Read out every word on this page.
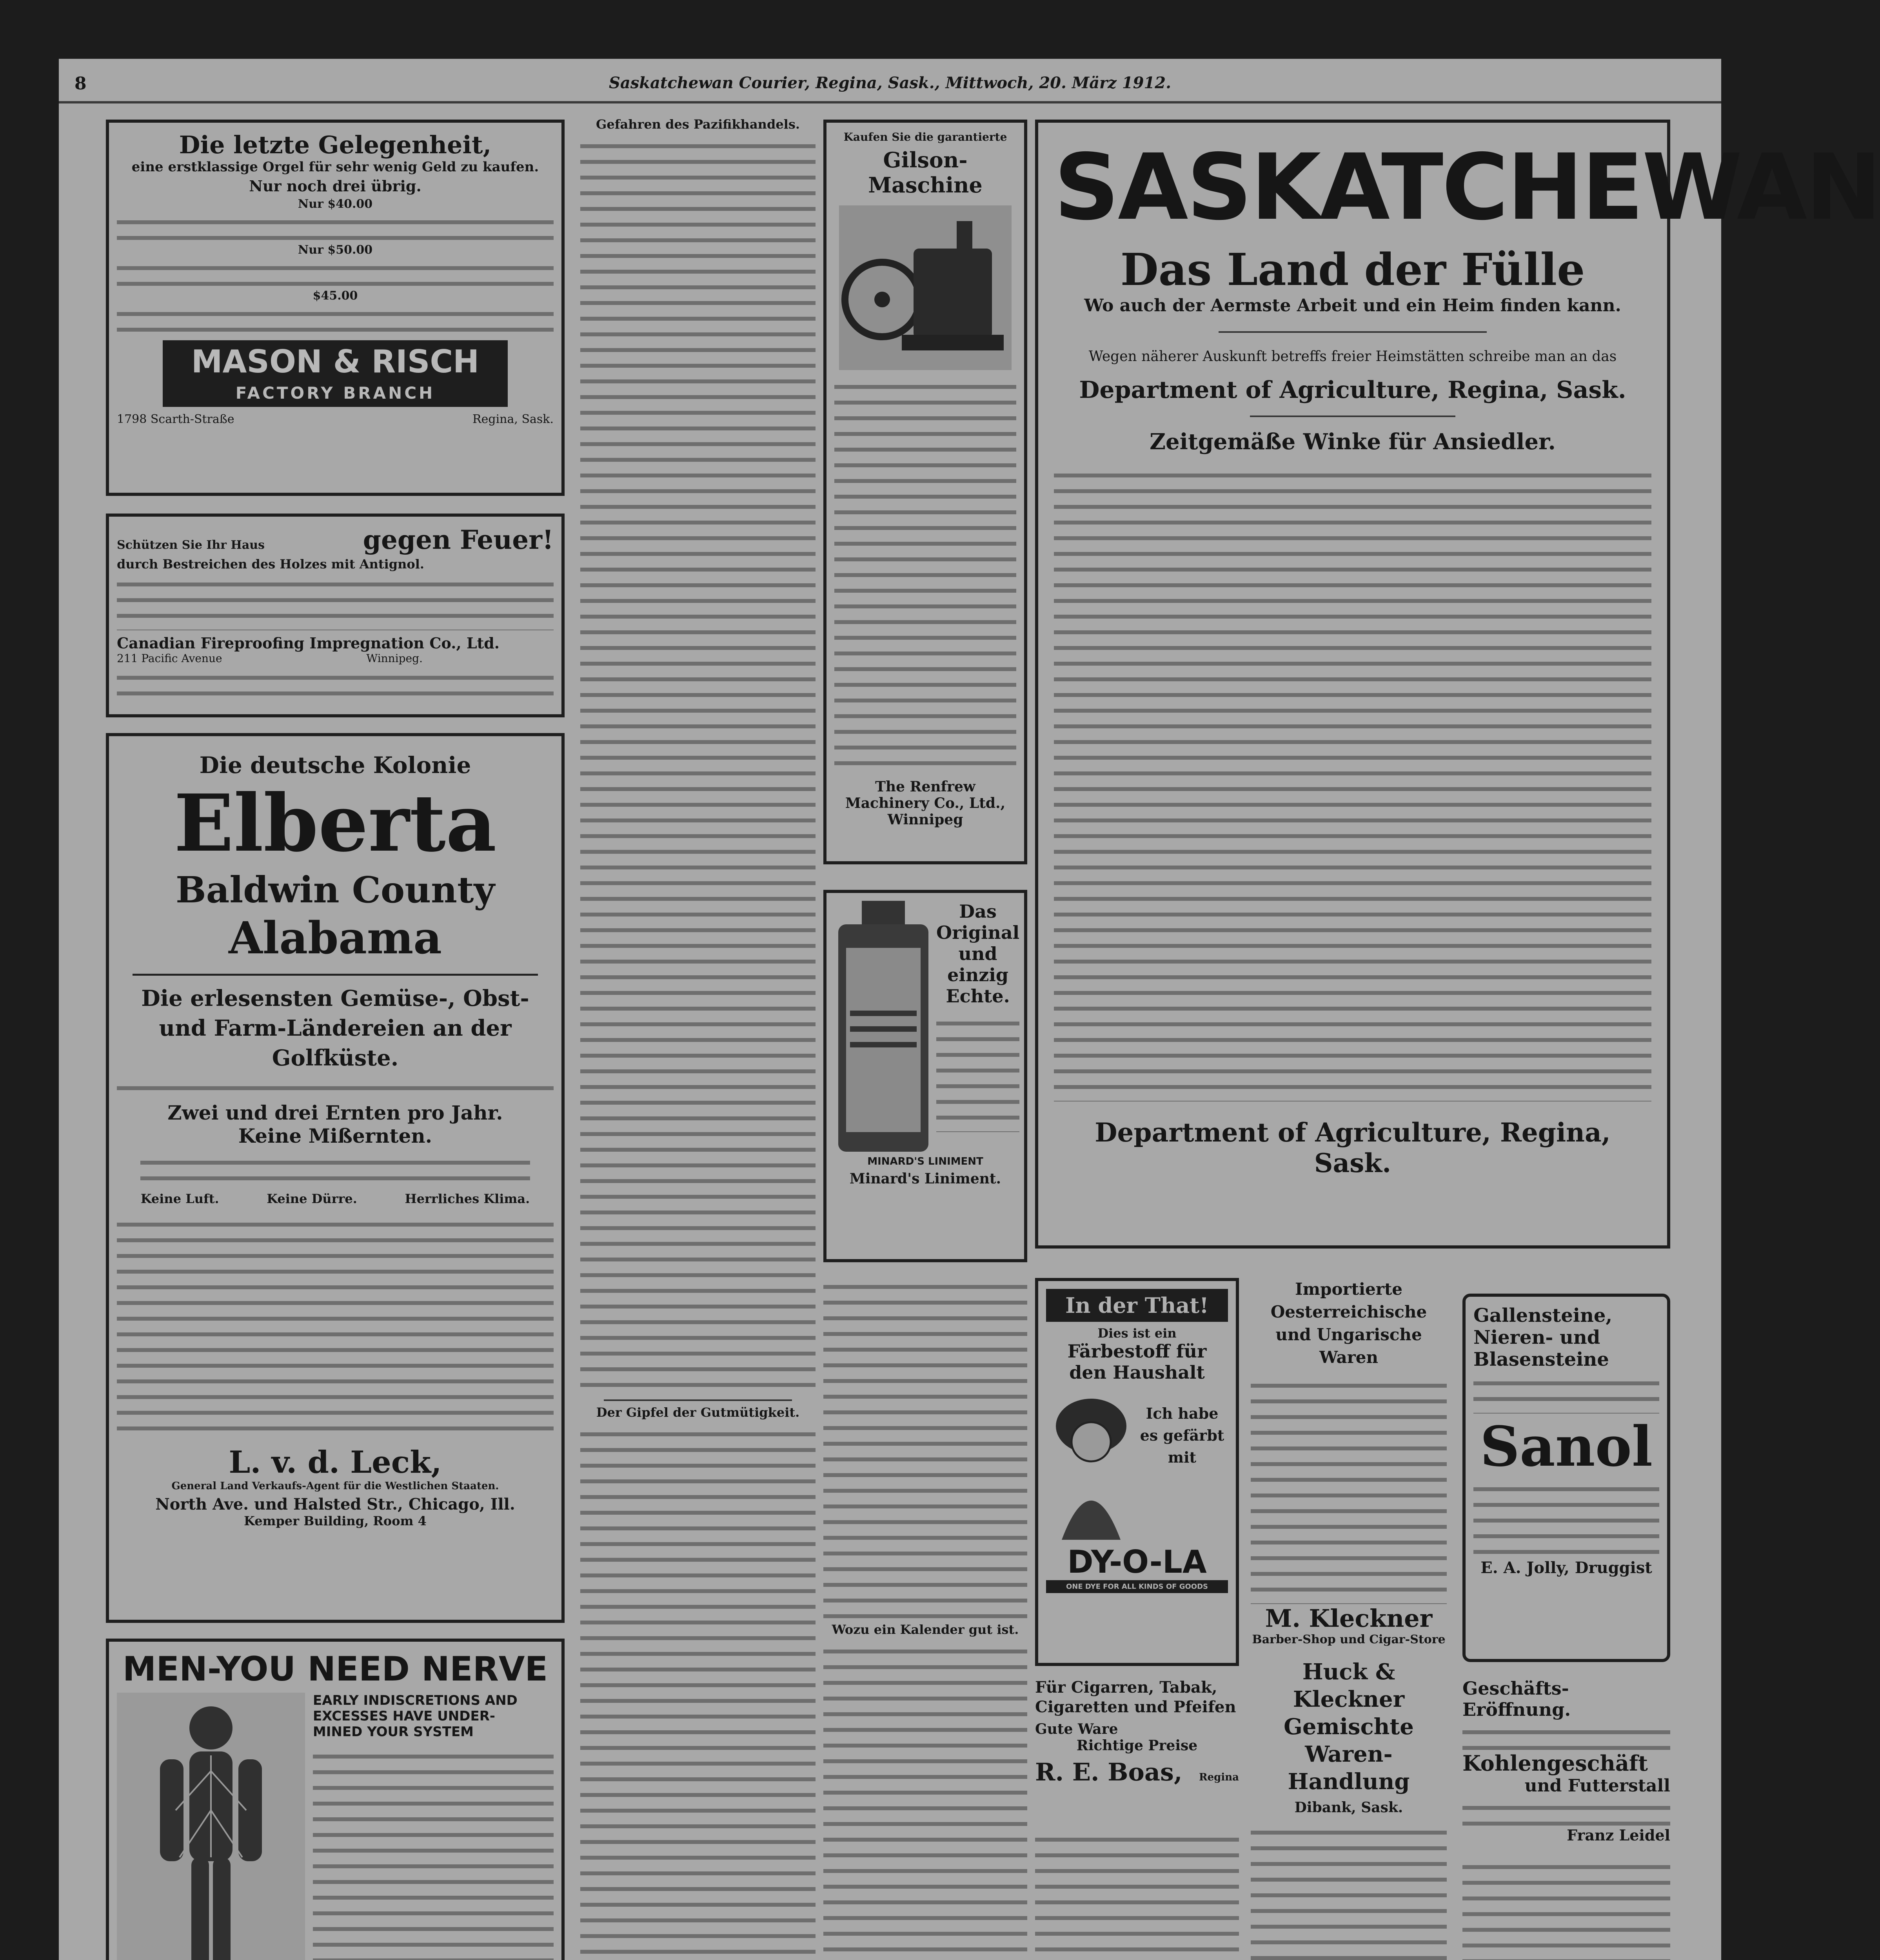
8	Saskatchewan Courier, Regina, Sask., Mittwoch, 20. März 1912.
Die letzte Gelegenheit,
eine erstklassige Orgel für sehr wenig Geld zu kaufen.
Nur noch drei übrig.
Nur $40.00
Nur $50.00
$45.00
MASON & RISCH
FACTORY BRANCH
1798 Scarth-Straße	Regina, Sask.
Schützen Sie Ihr Haus	gegen Feuer!
durch Bestreichen des Holzes mit Antignol.
Canadian Fireproofing Impregnation Co., Ltd.
211 Pacific Avenue	Winnipeg.
Die deutsche Kolonie
Elberta
Baldwin County
Alabama
Die erlesensten Gemüse-, Obst- und Farm-Ländereien an der Golfküste.
Zwei und drei Ernten pro Jahr.
Keine Mißernten.
Keine Luft.	Keine Dürre.	Herrliches Klima.
L. v. d. Leck,
General Land Verkaufs-Agent für die Westlichen Staaten.
North Ave. und Halsted Str., Chicago, Ill.
Kemper Building, Room 4
MEN-YOU NEED NERVE
EARLY INDISCRETIONS AND
EXCESSES HAVE UNDER-
MINED YOUR SYSTEM
Gefahren des Pazifikhandels.
Der Gipfel der Gutmütigkeit.
Kaufen Sie die garantierte
Gilson-Maschine
The Renfrew Machinery Co., Ltd., Winnipeg
Das
Original
und
einzig
Echte.
MINARD'S LINIMENT
Minard's Liniment.
Wozu ein Kalender gut ist.
SASKATCHEWAN
Das Land der Fülle
Wo auch der Aermste Arbeit und ein Heim finden kann.
Wegen näherer Auskunft betreffs freier Heimstätten schreibe man an das
Department of Agriculture, Regina, Sask.
Zeitgemäße Winke für Ansiedler.
Department of Agriculture, Regina, Sask.
In der That!
Dies ist ein
Färbestoff für den Haushalt
Ich habe es gefärbt mit
DY-O-LA
ONE DYE FOR ALL KINDS OF GOODS
Für Cigarren, Tabak, Cigaretten und Pfeifen
Gute Ware
Richtige Preise
R. E. Boas, Regina
Importierte Oesterreichische und Ungarische Waren
M. Kleckner
Barber-Shop und Cigar-Store
Huck & Kleckner Gemischte Waren-Handlung
Dibank, Sask.
Gallensteine,
Nieren- und
Blasensteine
Sanol
E. A. Jolly, Druggist
Geschäfts-Eröffnung.
Kohlengeschäft
und Futterstall
Franz Leidel
